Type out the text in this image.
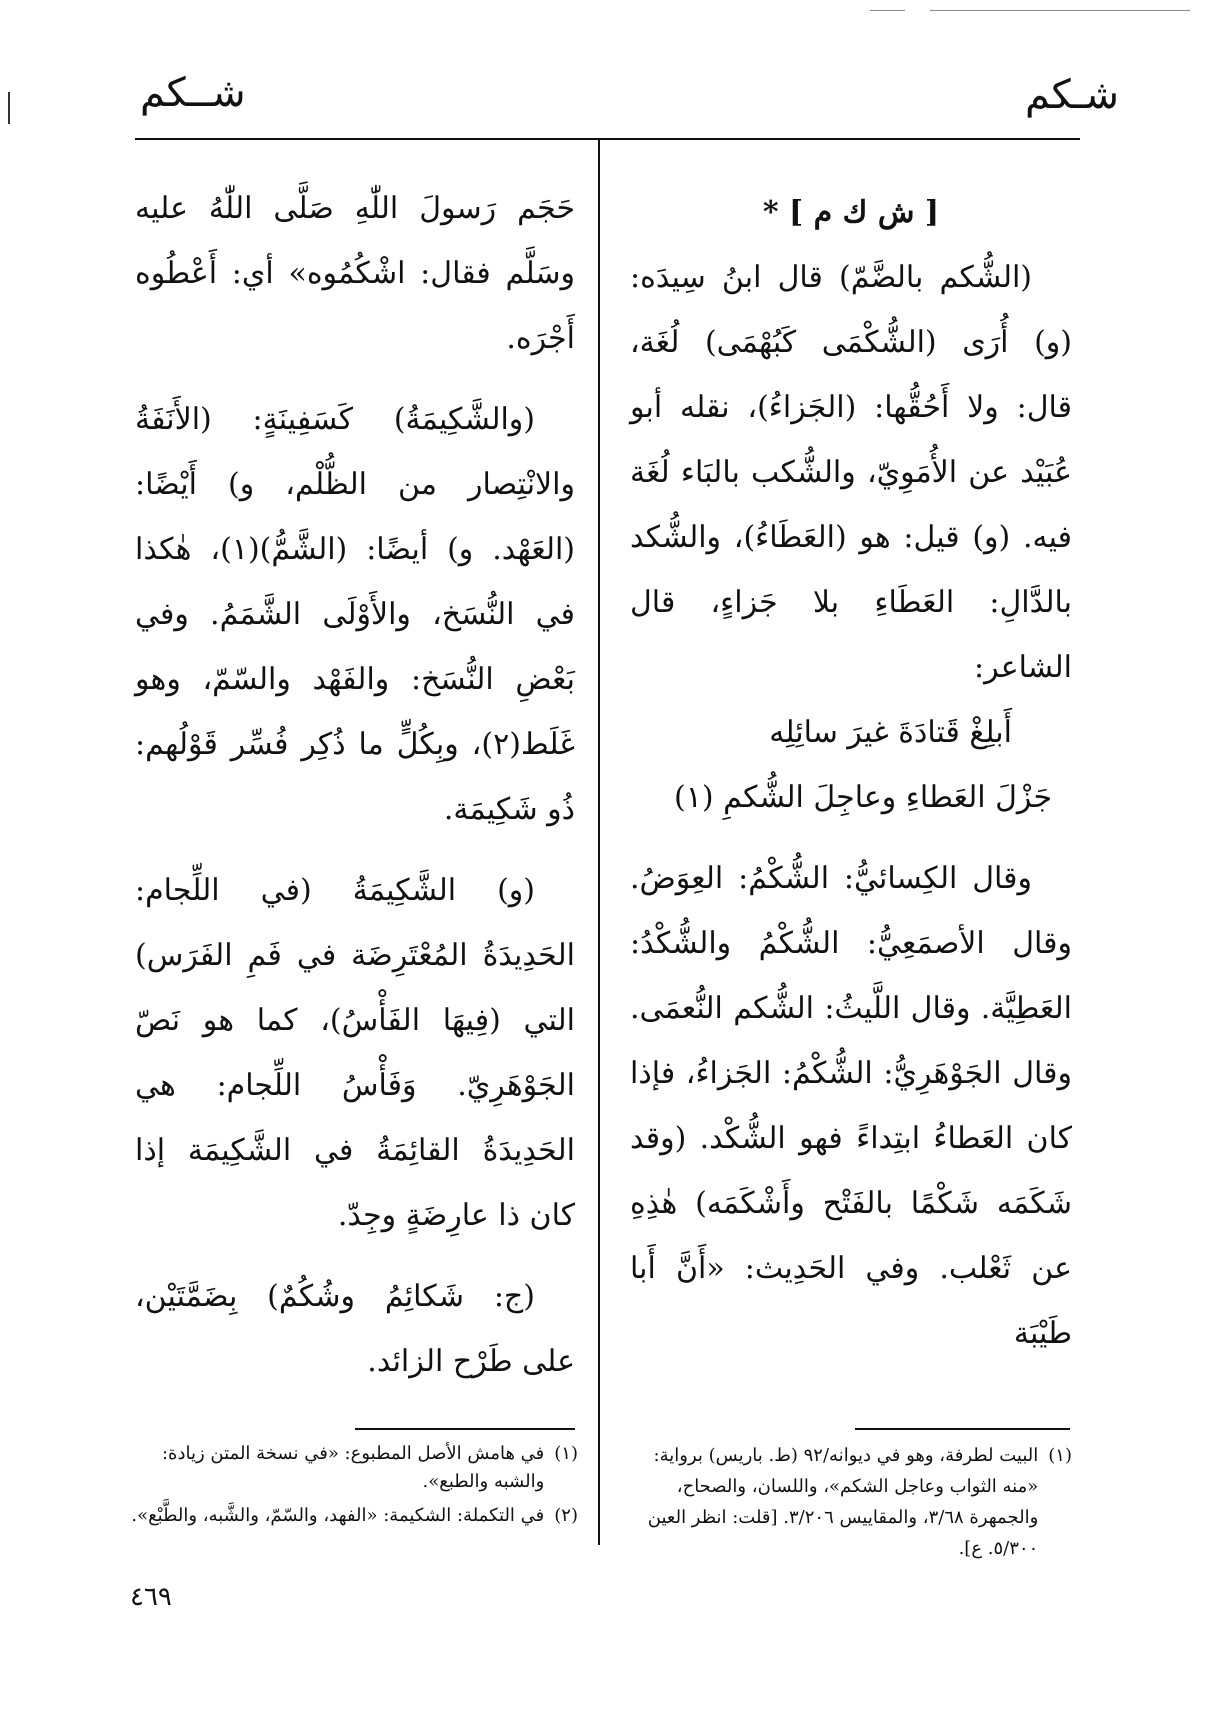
شـكم
شــكم

[ ش ك م ] *

(الشُّكم بالضَّمّ) قال ابنُ سِيدَه: (و) أُرَى (الشُّكْمَى كَبُهْمَى) لُغَة، قال: ولا أَحُقُّها: (الجَزاءُ)، نقله أبو عُبَيْد عن الأُمَوِيّ، والشُّكب بالبَاء لُغَة فيه. (و) قيل: هو (العَطَاءُ)، والشُّكد بالدَّالِ: العَطَاءِ بلا جَزاءٍ، قال الشاعر:

أَبلِغْ قَتادَةَ غيرَ سائِلِه

جَزْلَ العَطاءِ وعاجِلَ الشُّكمِ (١)

وقال الكِسائيُّ: الشُّكْمُ: العِوَضُ. وقال الأصمَعِيُّ: الشُّكْمُ والشُّكْدُ: العَطِيَّة. وقال اللَّيثُ: الشُّكم النُّعمَى. وقال الجَوْهَرِيُّ: الشُّكْمُ: الجَزاءُ، فإذا كان العَطاءُ ابتِداءً فهو الشُّكْد. (وقد شَكَمَه شَكْمًا بالفَتْح وأَشْكَمَه) هٰذِهِ عن ثَعْلب. وفي الحَدِيث: «أَنَّ أَبا طَيْبَة

حَجَم رَسولَ اللّٰهِ صَلَّى اللّٰهُ عليه وسَلَّم فقال: اشْكُمُوه» أي: أَعْطُوه أَجْرَه.

(والشَّكِيمَةُ) كَسَفِينَةٍ: (الأَنَفَةُ والانْتِصار من الظُّلْم، و) أَيْضًا: (العَهْد. و) أيضًا: (الشَّمُّ)(١)، هٰكذا في النُّسَخ، والأَوْلَى الشَّمَمُ. وفي بَعْضِ النُّسَخ: والفَهْد والسّمّ، وهو غَلَط(٢)، وبِكُلٍّ ما ذُكِر فُسِّر قَوْلُهم: ذُو شَكِيمَة.

(و) الشَّكِيمَةُ (في اللِّجام: الحَدِيدَةُ المُعْتَرِضَة في فَمِ الفَرَس) التي (فِيهَا الفَأْسُ)، كما هو نَصّ الجَوْهَرِيّ. وَفَأْسُ اللِّجام: هي الحَدِيدَةُ القائِمَةُ في الشَّكِيمَة إذا كان ذا عارِضَةٍ وجِدّ.

(ج: شَكائِمُ وشُكُمٌ) بِضَمَّتَيْن، على طَرْح الزائد.

(١)
البيت لطرفة، وهو في ديوانه/٩٢ (ط. باريس) برواية: «منه الثواب وعاجل الشكم»، واللسان، والصحاح، والجمهرة ٣/٦٨، والمقاييس ٣/٢٠٦. [قلت: انظر العين ٥/٣٠٠. ع].
(١)
في هامش الأصل المطبوع: «في نسخة المتن زيادة: والشبه والطبع».
(٢)
في التكملة: الشكيمة: «الفهد، والسّمّ، والشَّبه، والطَّبْع».
٤٦٩
